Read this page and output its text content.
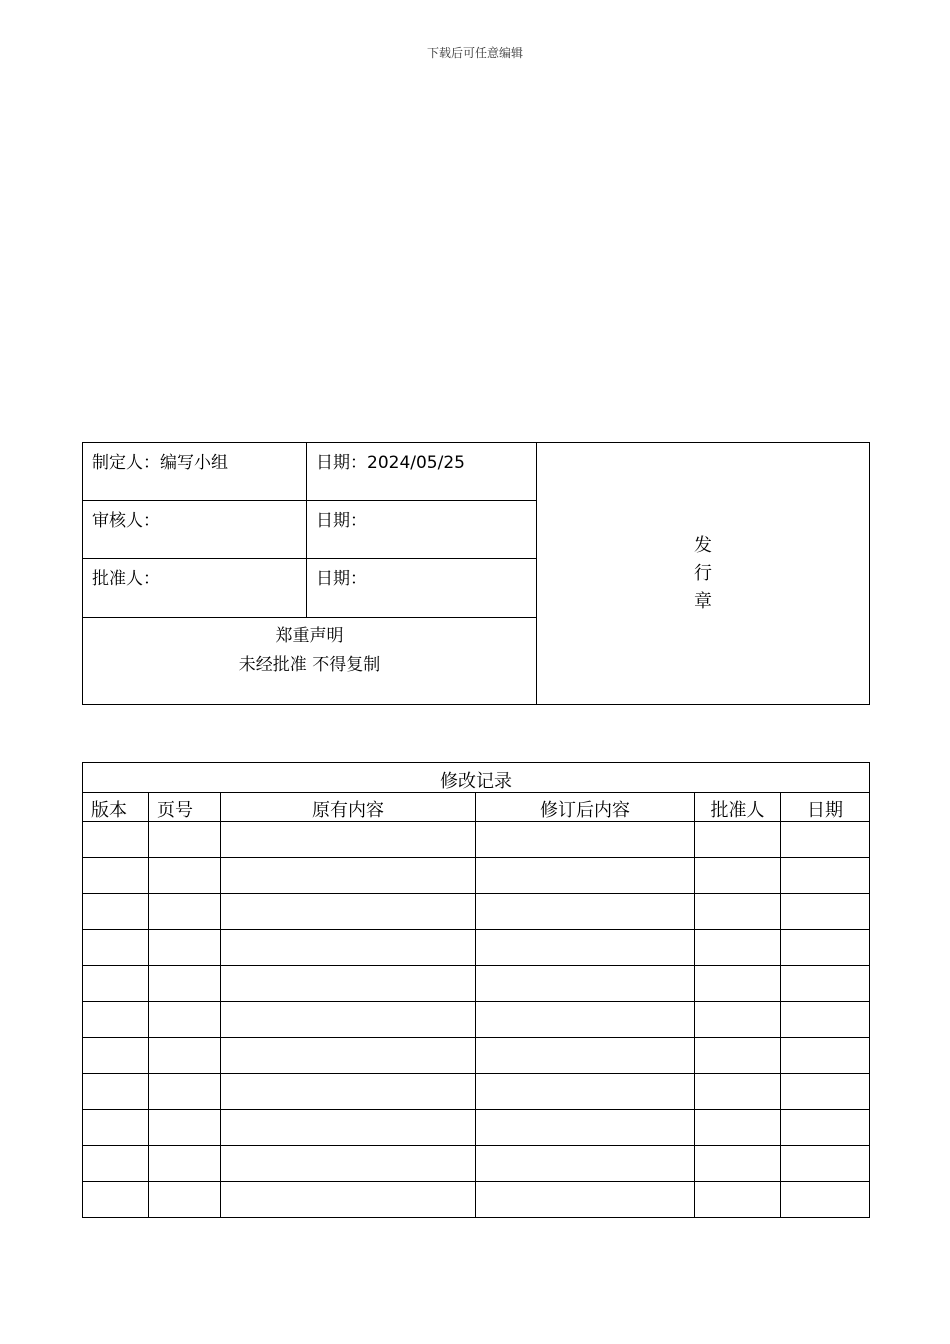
下载后可任意编辑
制定人：编写小组	日期：2024/05/25	发
行
章

审核人：	日期：	
批准人：	日期：	

郑重声明
未经批准 不得复制		
修改记录					
版本	页号	原有内容	修订后内容	批准人	日期
